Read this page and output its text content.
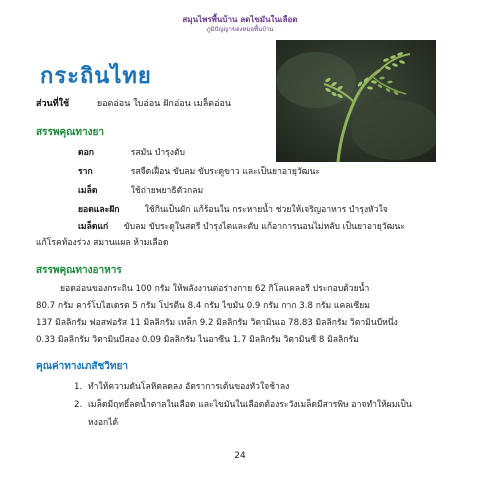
สมุนไพรพื้นบ้าน ลดไขมันในเลือด
ภูมิปัญญาของหมอพื้นบ้าน
กระถินไทย
ส่วนที่ใช้	ยอดอ่อน ใบอ่อน ฝักอ่อน เมล็ดอ่อน
สรรพคุณทางยา
ดอก	รสมัน บำรุงตับ
ราก	รสจืดเฝื่อน ขับลม ขับระดูขาว และเป็นยาอายุวัฒนะ
เมล็ด	ใช้ถ่ายพยาธิตัวกลม
ยอดและฝัก	ใช้กินเป็นผัก แก้ร้อนใน กระหายน้ำ ช่วยให้เจริญอาหาร บำรุงหัวใจ
เมล็ดแก่ ขับลม ขับระดูในสตรี บำรุงไตและตับ แก้อาการนอนไม่หลับ เป็นยาอายุวัฒนะ
แก้โรคท้องร่วง สมานแผล ห้ามเลือด
สรรพคุณทางอาหาร
ยอดอ่อนของกระถิน 100 กรัม ให้พลังงานต่อร่างกาย 62 กิโลแคลอรี ประกอบด้วยน้ำ
80.7 กรัม คาร์โบไฮเดรต 5 กรัม โปรตีน 8.4 กรัม ไขมัน 0.9 กรัม กาก 3.8 กรัม แคลเซียม
137 มิลลิกรัม ฟอสฟอรัส 11 มิลลิกรัม เหล็ก 9.2 มิลลิกรัม วิตามินเอ 78.83 มิลลิกรัม วิตามินบีหนึ่ง
0.33 มิลลิกรัม วิตามินบีสอง 0.09 มิลลิกรัม ไนอาซีน 1.7 มิลลิกรัม วิตามินซี 8 มิลลิกรัม
คุณค่าทางเภสัชวิทยา
1. ทำให้ความดันโลหิตลดลง อัตราการเต้นของหัวใจช้าลง
2. เมล็ดมีฤทธิ์ลดน้ำตาลในเลือด และไขมันในเลือดต้องระวังเมล็ดมีสารพิษ อาจทำให้ผมเป็น
หงอกได้
24
